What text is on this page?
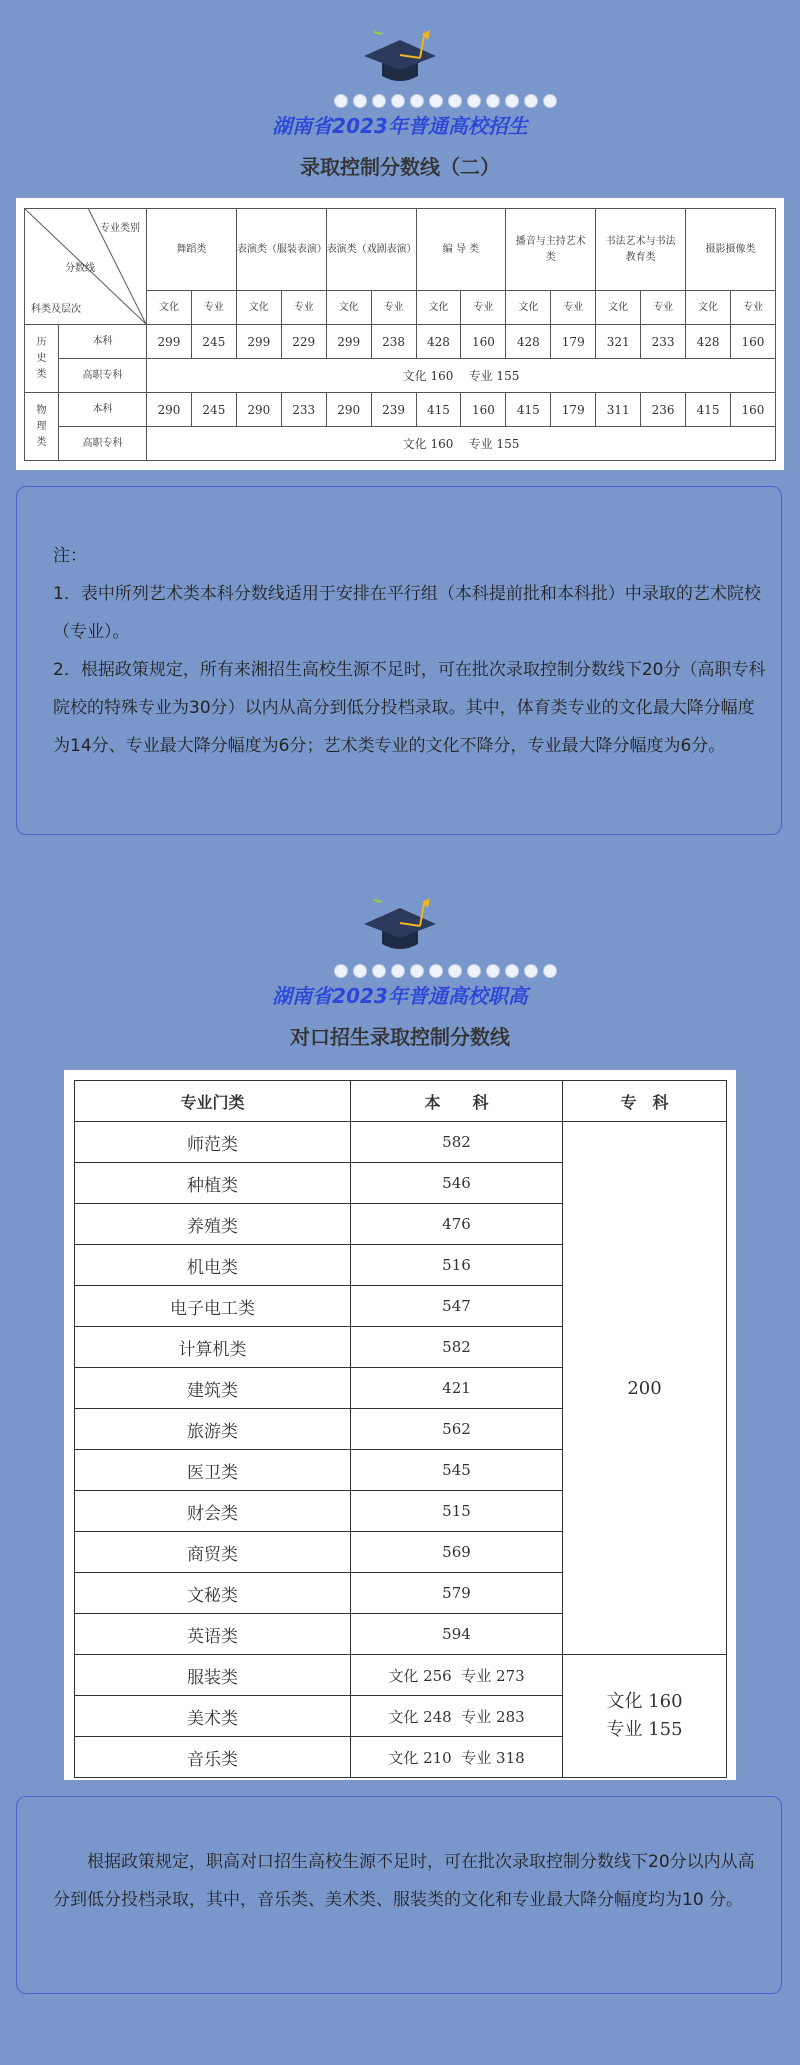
湖南省2023年普通高校招生
录取控制分数线（二）
专业类别
分数线
科类及层次		舞蹈类		表演类（服装表演）		表演类（戏剧表演）		编 导 类		播音与主持艺术类		书法艺术与书法教育类		摄影摄像类	
		文化	专业	文化	专业	文化	专业	文化	专业	文化	专业	文化	专业	文化	专业
历史类	本科	299	245	299	229	299	238	428	160	428	179	321	233	428	160
	高职专科	文化 160    专业 155													
物理类	本科	290	245	290	233	290	239	415	160	415	179	311	236	415	160
	高职专科	文化 160    专业 155													
注：
1．表中所列艺术类本科分数线适用于安排在平行组（本科提前批和本科批）中录取的艺术院校（专业）。
2．根据政策规定，所有来湘招生高校生源不足时，可在批次录取控制分数线下20分（高职专科院校的特殊专业为30分）以内从高分到低分投档录取。其中，体育类专业的文化最大降分幅度为14分、专业最大降分幅度为6分；艺术类专业的文化不降分，专业最大降分幅度为6分。
湖南省2023年普通高校职高
对口招生录取控制分数线
专业门类	本　　科	专　科
师范类	582	200
种植类	546	
养殖类	476	
机电类	516	
电子电工类	547	
计算机类	582	
建筑类	421	
旅游类	562	
医卫类	545	
财会类	515	
商贸类	569	
文秘类	579	
英语类	594	
服装类	文化 256  专业 273	文化 160
专业 155

美术类	文化 248  专业 283	
音乐类	文化 210  专业 318	
根据政策规定，职高对口招生高校生源不足时，可在批次录取控制分数线下20分以内从高分到低分投档录取，其中，音乐类、美术类、服装类的文化和专业最大降分幅度均为10 分。
